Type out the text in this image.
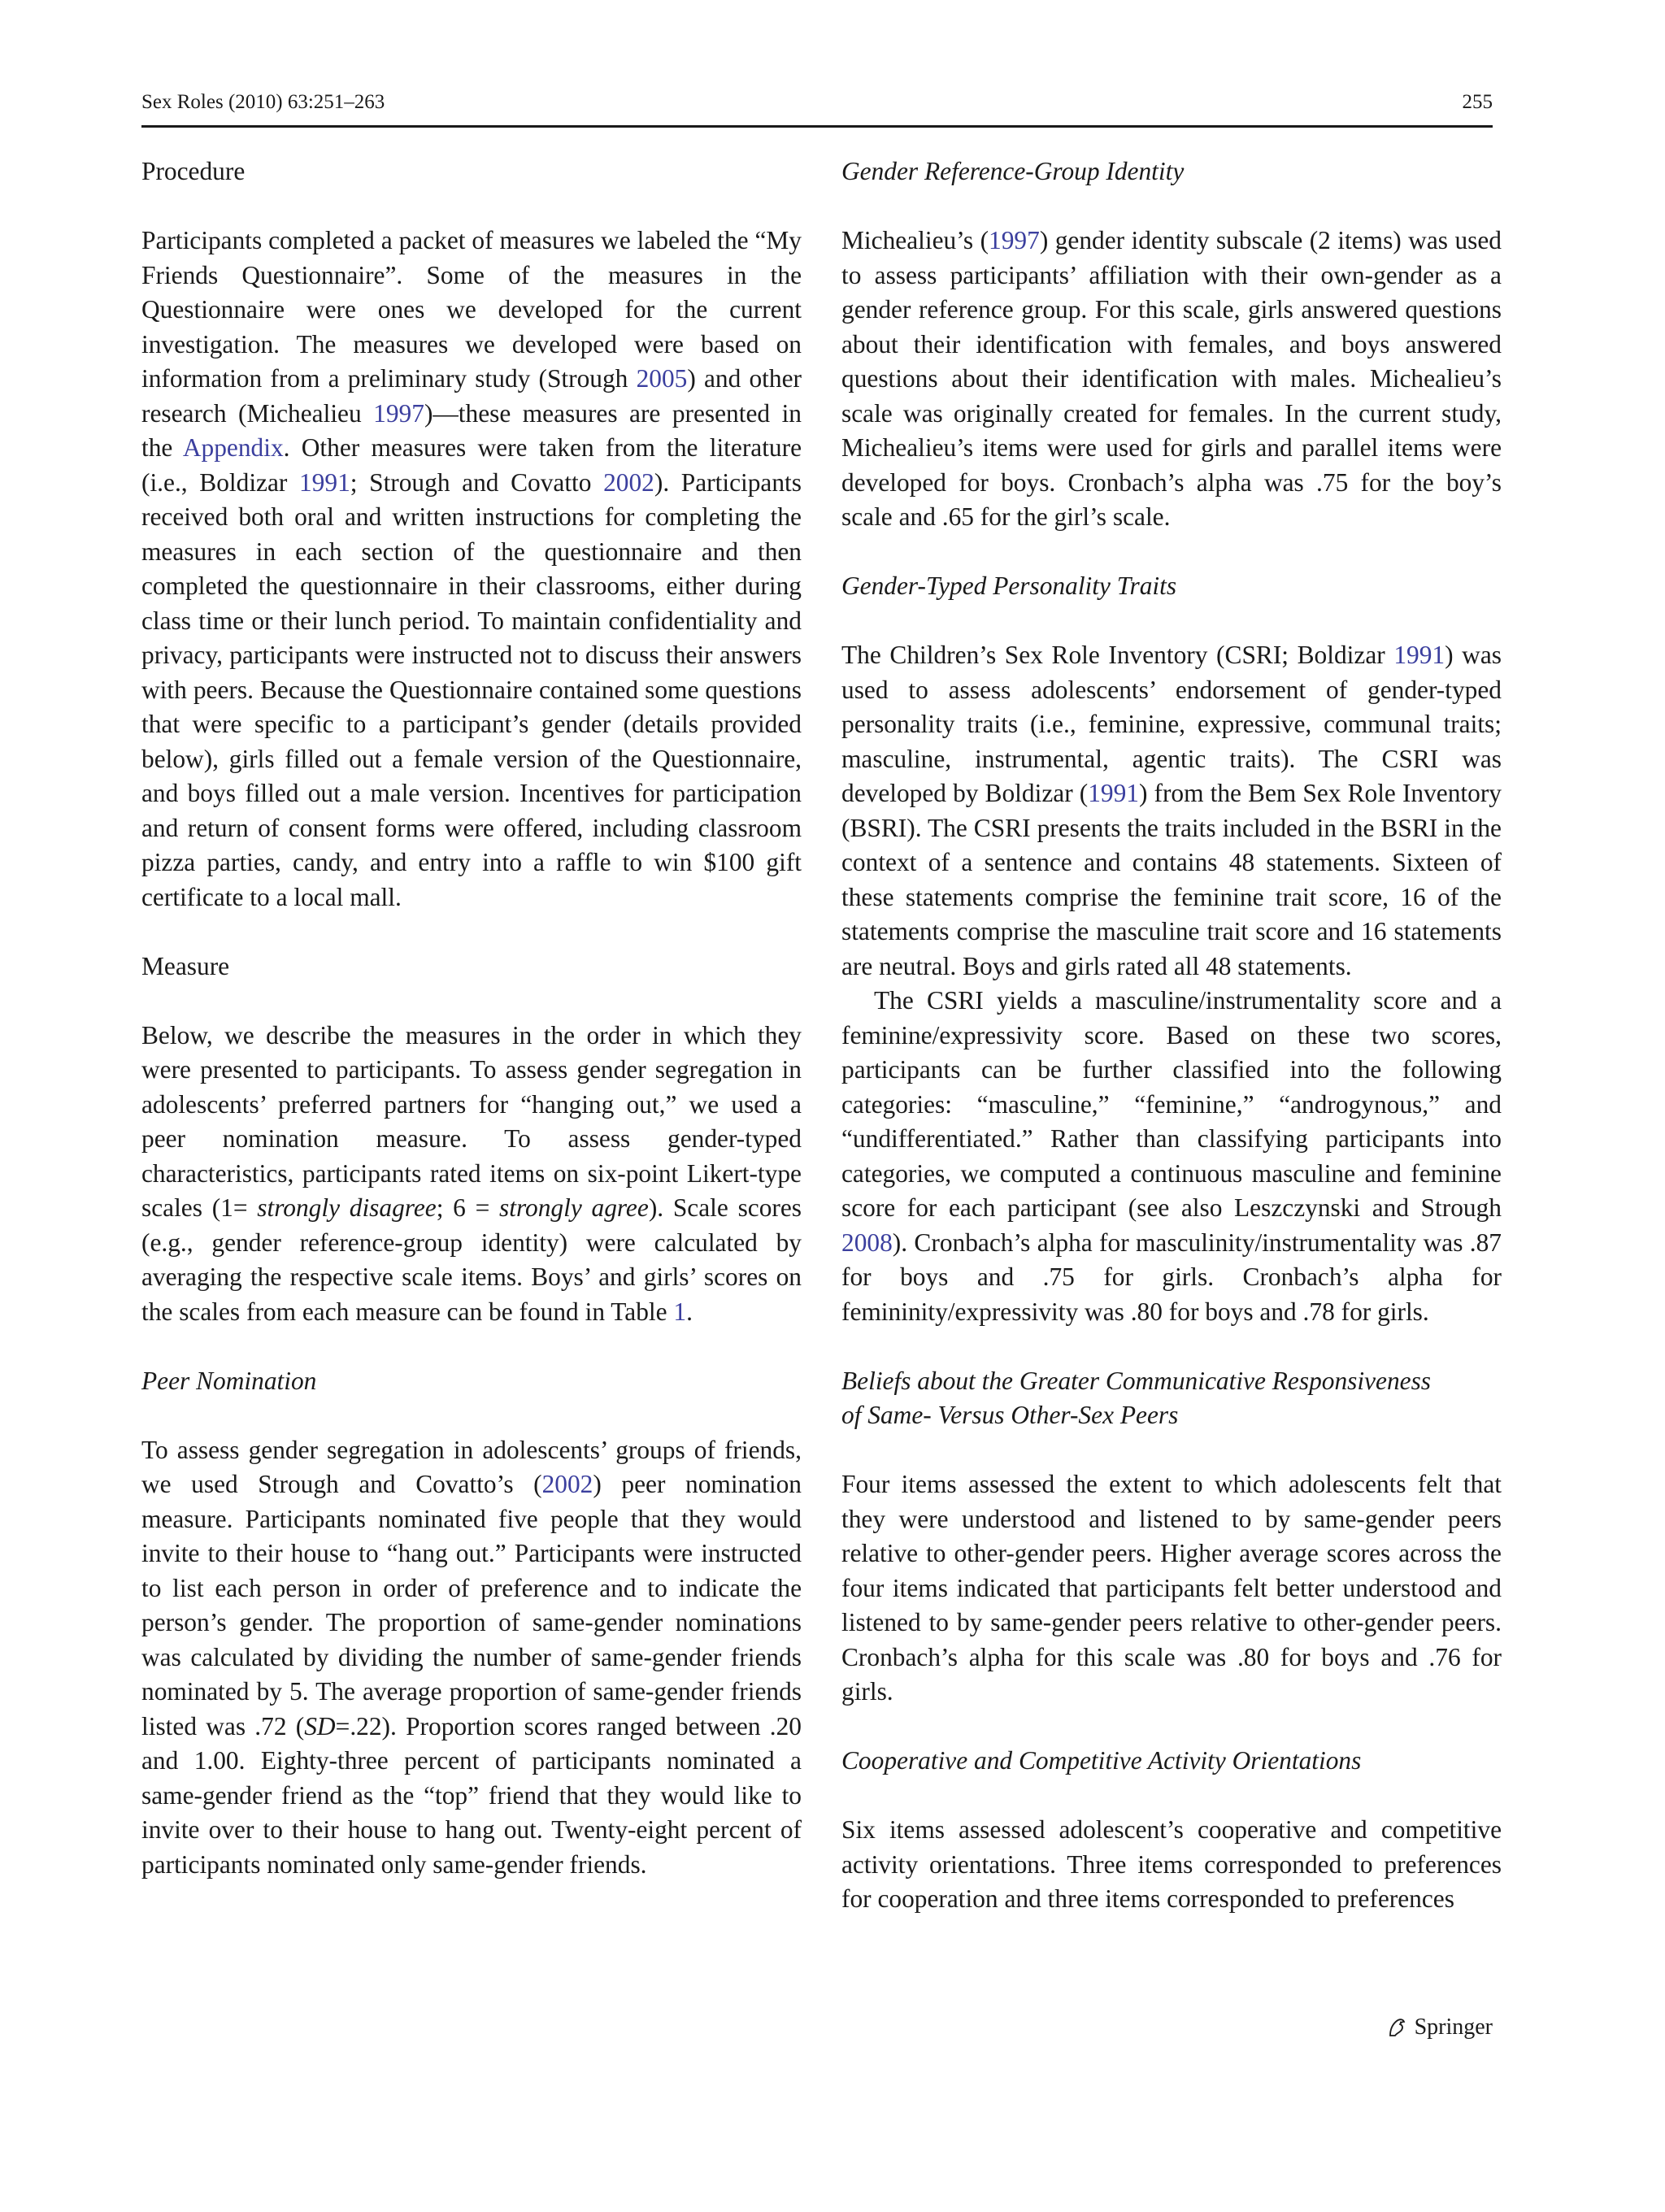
Sex Roles (2010) 63:251–263	255
Procedure

Participants completed a packet of measures we labeled the “My Friends Questionnaire”. Some of the measures in the Questionnaire were ones we developed for the current investigation. The measures we developed were based on information from a preliminary study (Strough 2005) and other research (Michealieu 1997)—these measures are presented in the Appendix. Other measures were taken from the literature (i.e., Boldizar 1991; Strough and Covatto 2002). Participants received both oral and written instructions for completing the measures in each section of the questionnaire and then completed the questionnaire in their classrooms, either during class time or their lunch period. To maintain confidentiality and privacy, participants were instructed not to discuss their answers with peers. Because the Questionnaire contained some questions that were specific to a participant’s gender (details provided below), girls filled out a female version of the Questionnaire, and boys filled out a male version. Incentives for participation and return of consent forms were offered, including classroom pizza parties, candy, and entry into a raffle to win $100 gift certificate to a local mall.

Measure

Below, we describe the measures in the order in which they were presented to participants. To assess gender segregation in adolescents’ preferred partners for “hanging out,” we used a peer nomination measure. To assess gender-typed characteristics, participants rated items on six-point Likert-type scales (1= strongly disagree; 6 = strongly agree). Scale scores (e.g., gender reference-group identity) were calculated by averaging the respective scale items. Boys’ and girls’ scores on the scales from each measure can be found in Table 1.

Peer Nomination

To assess gender segregation in adolescents’ groups of friends, we used Strough and Covatto’s (2002) peer nomination measure. Participants nominated five people that they would invite to their house to “hang out.” Participants were instructed to list each person in order of preference and to indicate the person’s gender. The proportion of same-gender nominations was calculated by dividing the number of same-gender friends nominated by 5. The average proportion of same-gender friends listed was .72 (SD=.22). Proportion scores ranged between .20 and 1.00. Eighty-three percent of participants nominated a same-gender friend as the “top” friend that they would like to invite over to their house to hang out. Twenty-eight percent of participants nominated only same-gender friends.

Gender Reference-Group Identity

Michealieu’s (1997) gender identity subscale (2 items) was used to assess participants’ affiliation with their own-gender as a gender reference group. For this scale, girls answered questions about their identification with females, and boys answered questions about their identification with males. Michealieu’s scale was originally created for females. In the current study, Michealieu’s items were used for girls and parallel items were developed for boys. Cronbach’s alpha was .75 for the boy’s scale and .65 for the girl’s scale.

Gender-Typed Personality Traits

The Children’s Sex Role Inventory (CSRI; Boldizar 1991) was used to assess adolescents’ endorsement of gender-typed personality traits (i.e., feminine, expressive, communal traits; masculine, instrumental, agentic traits). The CSRI was developed by Boldizar (1991) from the Bem Sex Role Inventory (BSRI). The CSRI presents the traits included in the BSRI in the context of a sentence and contains 48 statements. Sixteen of these statements comprise the feminine trait score, 16 of the statements comprise the masculine trait score and 16 statements are neutral. Boys and girls rated all 48 statements.

The CSRI yields a masculine/instrumentality score and a feminine/expressivity score. Based on these two scores, participants can be further classified into the following categories: “masculine,” “feminine,” “androgynous,” and “undifferentiated.” Rather than classifying participants into categories, we computed a continuous masculine and feminine score for each participant (see also Leszczynski and Strough 2008). Cronbach’s alpha for masculinity/instrumentality was .87 for boys and .75 for girls. Cronbach’s alpha for femininity/expressivity was .80 for boys and .78 for girls.

Beliefs about the Greater Communicative Responsiveness
of Same- Versus Other-Sex Peers

Four items assessed the extent to which adolescents felt that they were understood and listened to by same-gender peers relative to other-gender peers. Higher average scores across the four items indicated that participants felt better understood and listened to by same-gender peers relative to other-gender peers. Cronbach’s alpha for this scale was .80 for boys and .76 for girls.

Cooperative and Competitive Activity Orientations

Six items assessed adolescent’s cooperative and competitive activity orientations. Three items corresponded to preferences for cooperation and three items corresponded to preferences

Springer
